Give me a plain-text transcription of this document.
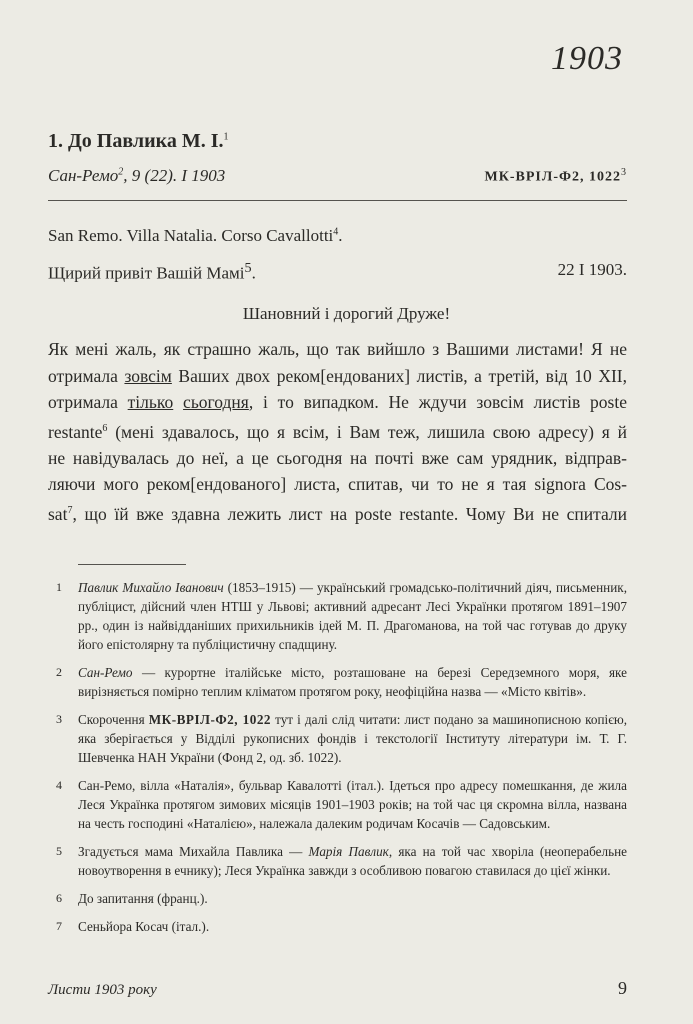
1903
1. До Павлика М. І.$^1$
Сан-Ремо$^2$, 9 (22). І 1903	МК-ВРІЛ-Ф2, 1022$^3$
San Remo. Villa Natalia. Corso Cavallotti$^4$.
Щирий привіт Вашій Мамі$^5$.	22 І 1903.
Шановний і дорогий Друже!
Як мені жаль, як страшно жаль, що так вийшло з Вашими листами! Я не
отримала зовсім Ваших двох реком[ендованих] листів, а третій, від 10 XII,
отримала тілько сьогодня, і то випадком. Не ждучи зовсім листів poste
restante$^6$ (мені здавалось, що я всім, і Вам теж, лишила свою адресу) я й
не навідувалась до неї, а це сьогодня на почті вже сам урядник, відправ-
ляючи мого реком[ендованого] листа, спитав, чи то не я тая signora Cos-
sat$^7$, що їй вже здавна лежить лист на poste restante. Чому Ви не спитали
1	Павлик Михайло Іванович (1853–1915) — український громадсько-політичний діяч, письменник, публіцист, дійсний член НТШ у Львові; активний адресант Лесі Українки протягом 1891–1907 рр., один із найвідданіших прихильників ідей М. П. Драгоманова, на той час готував до друку його епістолярну та публіцистичну спадщину.
2	Сан-Ремо — курортне італійське місто, розташоване на березі Середземного моря, яке вирізняється помірно теплим кліматом протягом року, неофіційна назва — «Місто квітів».
3	Скорочення МК-ВРІЛ-Ф2, 1022 тут і далі слід читати: лист подано за машинописною копією, яка зберігається у Відділі рукописних фондів і текстології Інституту літератури ім. Т. Г. Шевченка НАН України (Фонд 2, од. зб. 1022).
4	Сан-Ремо, вілла «Наталія», бульвар Кавалотті (італ.). Ідеться про адресу помешкання, де жила Леся Українка протягом зимових місяців 1901–1903 років; на той час ця скромна вілла, названа на честь господині «Наталією», належала далеким родичам Косачів — Садовським.
5	Згадується мама Михайла Павлика — Марія Павлик, яка на той час хворіла (неоперабельне новоутворення в ечнику); Леся Українка завжди з особливою повагою ставилася до цієї жінки.
6	До запитання (франц.).
7	Сеньйора Косач (італ.).
Листи 1903 року	9
